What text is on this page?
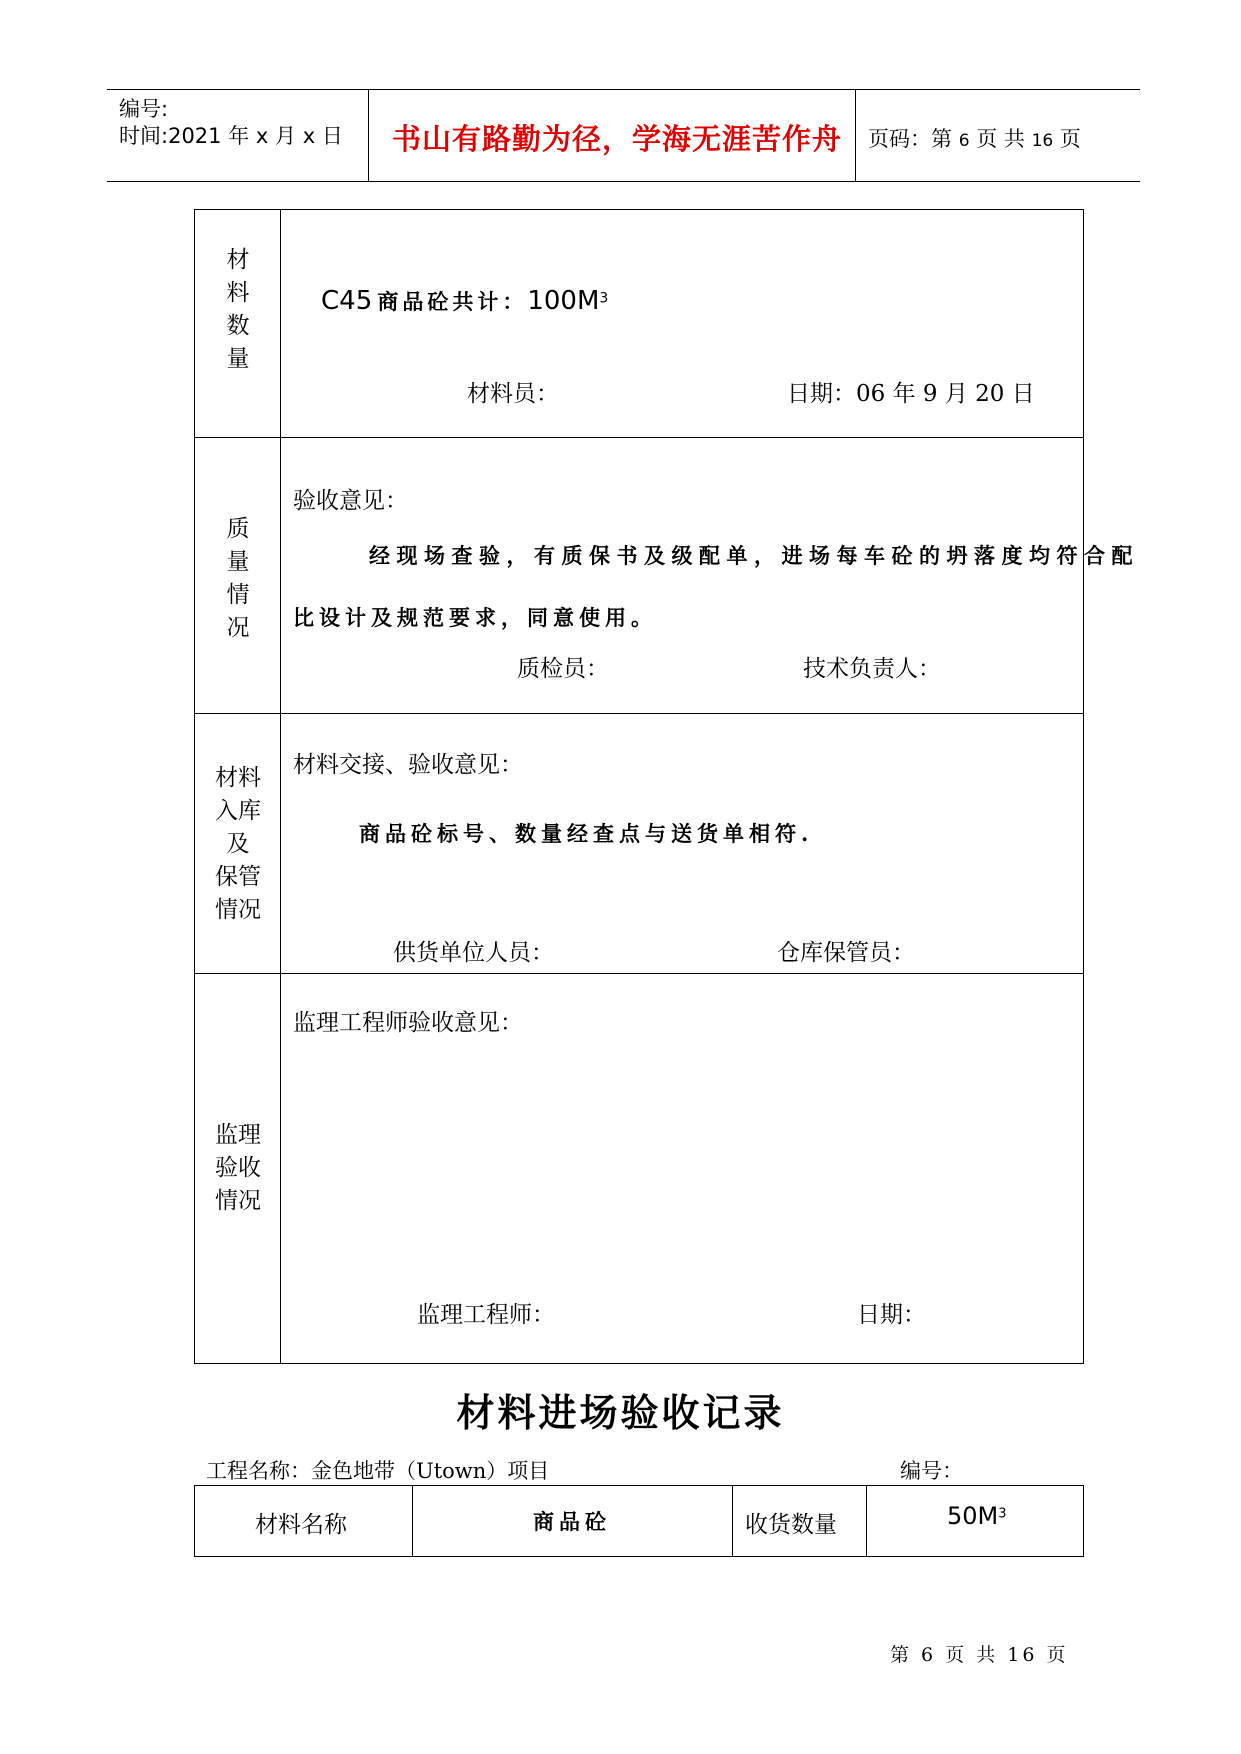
编号:
时间:2021 年 x 月 x 日 书山有路勤为径，学海无涯苦作舟 页码：第 6 页 共 16 页
材
料
数
量
C45 商品砼共计：$100M^3$
材料员：	日期：06 年 9 月 20 日
质
量
情
况
验收意见：
经现场查验，有质保书及级配单，进场每车砼的坍落度均符合配
比设计及规范要求，同意使用。
质检员：	技术负责人：
材料
入库
及
保管
情况
材料交接、验收意见：
商品砼标号、数量经查点与送货单相符.
供货单位人员：	仓库保管员：
监理
验收
情况
监理工程师验收意见：
监理工程师：	日期：
材料进场验收记录
工程名称：金色地带（Utown）项目	编号：
材料名称	商品砼	收货数量	$50M^3$
第 6 页 共 16 页
